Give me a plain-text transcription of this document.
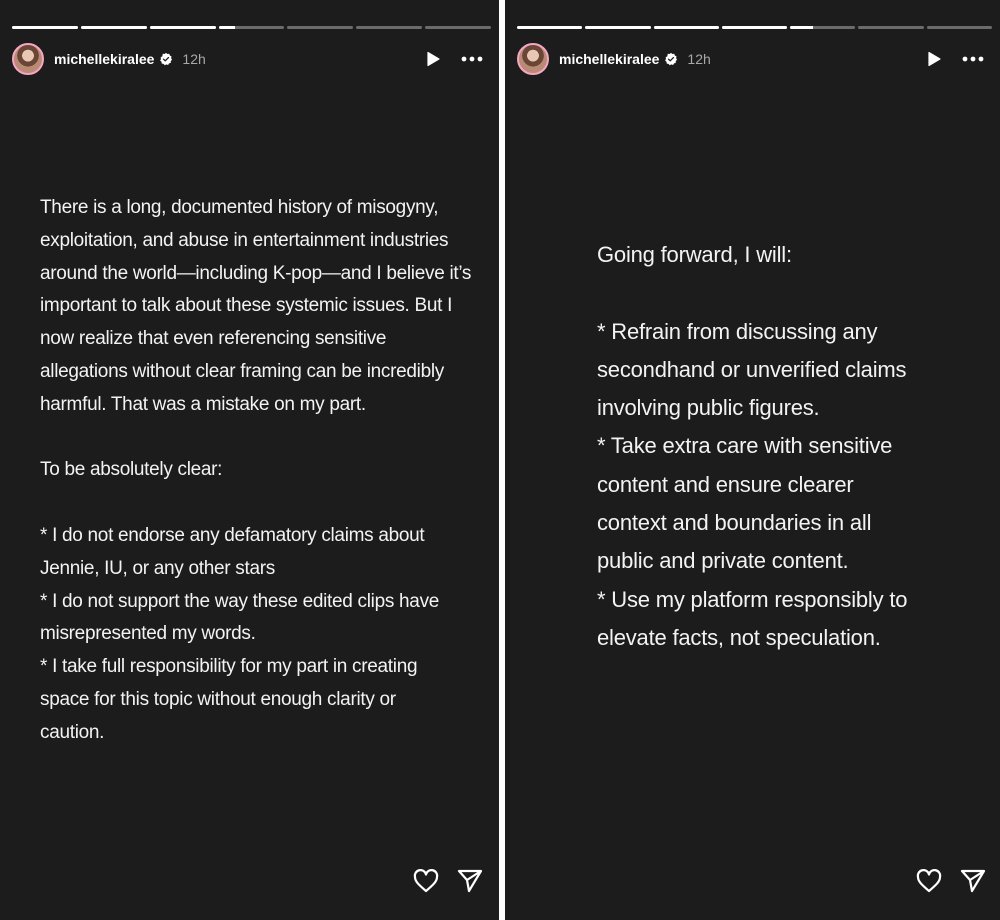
michellekiralee 12h
There is a long, documented history of misogyny,
exploitation, and abuse in entertainment industries
around the world—including K-pop—and I believe it’s
important to talk about these systemic issues. But I
now realize that even referencing sensitive
allegations without clear framing can be incredibly
harmful. That was a mistake on my part.
To be absolutely clear:
* I do not endorse any defamatory claims about
Jennie, IU, or any other stars
* I do not support the way these edited clips have
misrepresented my words.
* I take full responsibility for my part in creating
space for this topic without enough clarity or
caution.
michellekiralee 12h
Going forward, I will:
* Refrain from discussing any
secondhand or unverified claims
involving public figures.
* Take extra care with sensitive
content and ensure clearer
context and boundaries in all
public and private content.
* Use my platform responsibly to
elevate facts, not speculation.
